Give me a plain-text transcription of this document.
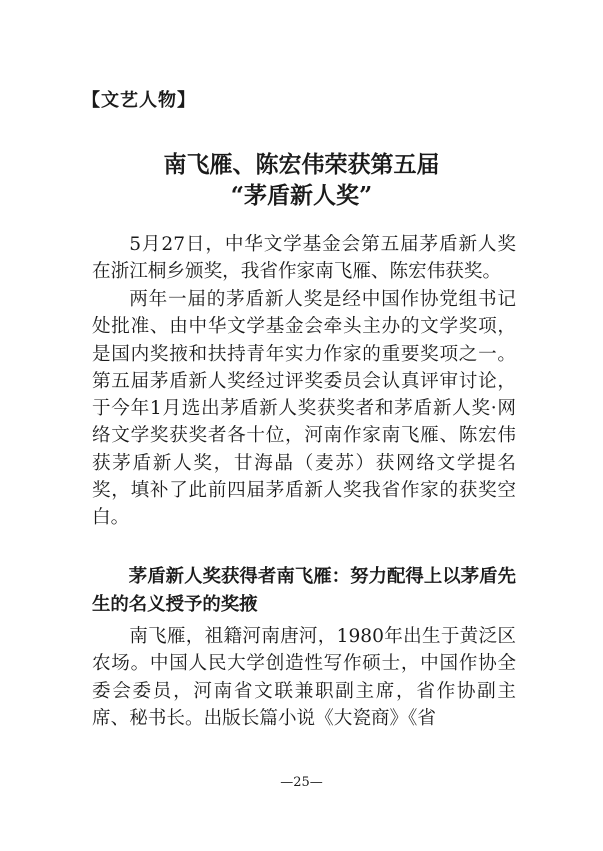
【文艺人物】
南飞雁、陈宏伟荣获第五届
“茅盾新人奖”

5月27日，中华文学基金会第五届茅盾新人奖在浙江桐乡颁奖，我省作家南飞雁、陈宏伟获奖。

两年一届的茅盾新人奖是经中国作协党组书记处批准、由中华文学基金会牵头主办的文学奖项，是国内奖掖和扶持青年实力作家的重要奖项之一。第五届茅盾新人奖经过评奖委员会认真评审讨论，于今年1月选出茅盾新人奖获奖者和茅盾新人奖·网络文学奖获奖者各十位，河南作家南飞雁、陈宏伟获茅盾新人奖，甘海晶（麦苏）获网络文学提名奖，填补了此前四届茅盾新人奖我省作家的获奖空白。

茅盾新人奖获得者南飞雁：努力配得上以茅盾先生的名义授予的奖掖

南飞雁，祖籍河南唐河，1980年出生于黄泛区农场。中国人民大学创造性写作硕士，中国作协全委会委员，河南省文联兼职副主席，省作协副主席、秘书长。出版长篇小说《大瓷商》《省

—25—
